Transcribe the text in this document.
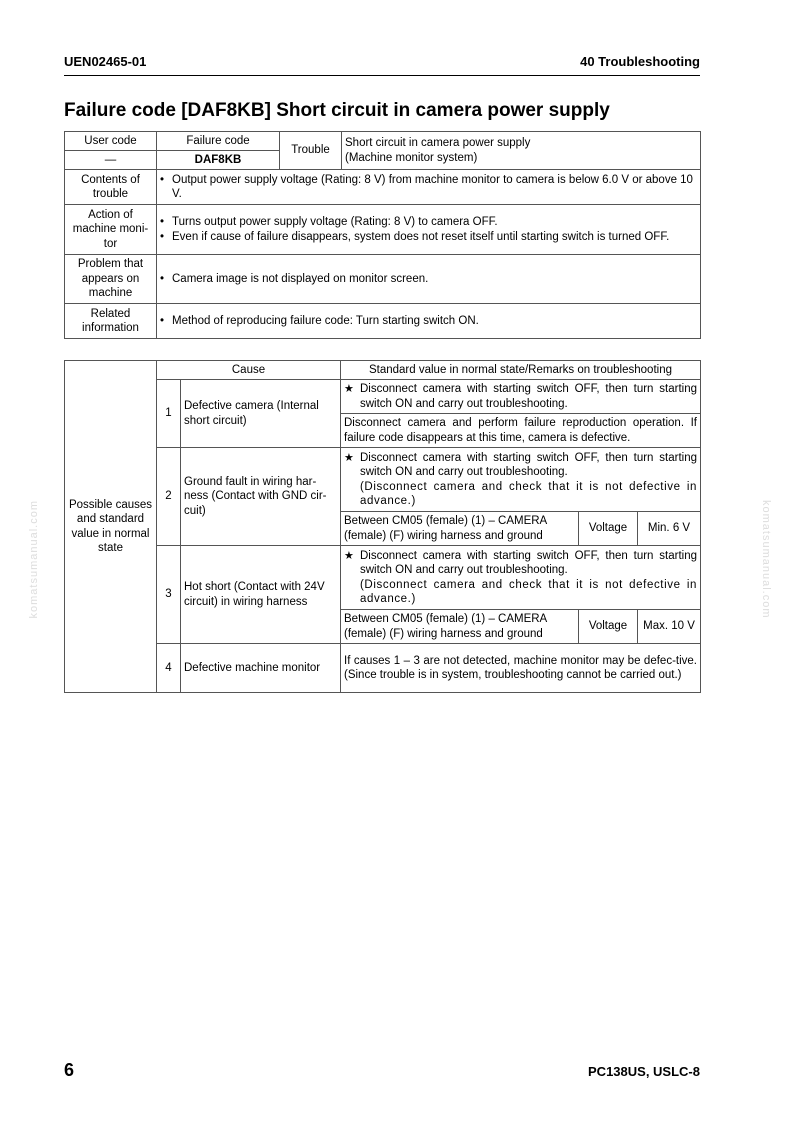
UEN02465-01	40 Troubleshooting
Failure code [DAF8KB] Short circuit in camera power supply
User code	Failure code	Trouble	Short circuit in camera power supply
(Machine monitor system)

—	DAF8KB		
Contents of trouble	• Output power supply voltage (Rating: 8 V) from machine monitor to camera is below 6.0 V or above 10 V.		

Action of machine moni-tor	• Turns output power supply voltage (Rating: 8 V) to camera OFF.
• Even if cause of failure disappears, system does not reset itself until starting switch is turned OFF.		

Problem that appears on machine	• Camera image is not displayed on monitor screen.		

Related information	• Method of reproducing failure code: Turn starting switch ON.		
Possible causes and standard value in normal state	Cause		Standard value in normal state/Remarks on troubleshooting		
	1	Defective camera (Internal short circuit)	★ Disconnect camera with starting switch OFF, then turn starting switch ON and carry out troubleshooting.		

			Disconnect camera and perform failure reproduction operation. If failure code disappears at this time, camera is defective.		
	2	Ground fault in wiring har-ness (Contact with GND cir-cuit)	★ Disconnect camera with starting switch OFF, then turn starting switch ON and carry out troubleshooting.
(Disconnect camera and check that it is not defective in advance.)		

			Between CM05 (female) (1) – CAMERA (female) (F) wiring harness and ground	Voltage	Min. 6 V
	3	Hot short (Contact with 24V circuit) in wiring harness	★ Disconnect camera with starting switch OFF, then turn starting switch ON and carry out troubleshooting.
(Disconnect camera and check that it is not defective in advance.)		

			Between CM05 (female) (1) – CAMERA (female) (F) wiring harness and ground	Voltage	Max. 10 V
	4	Defective machine monitor	If causes 1 – 3 are not detected, machine monitor may be defec-tive. (Since trouble is in system, troubleshooting cannot be carried out.)		
komatsumanual.com	komatsumanual.com
6	PC138US, USLC-8
